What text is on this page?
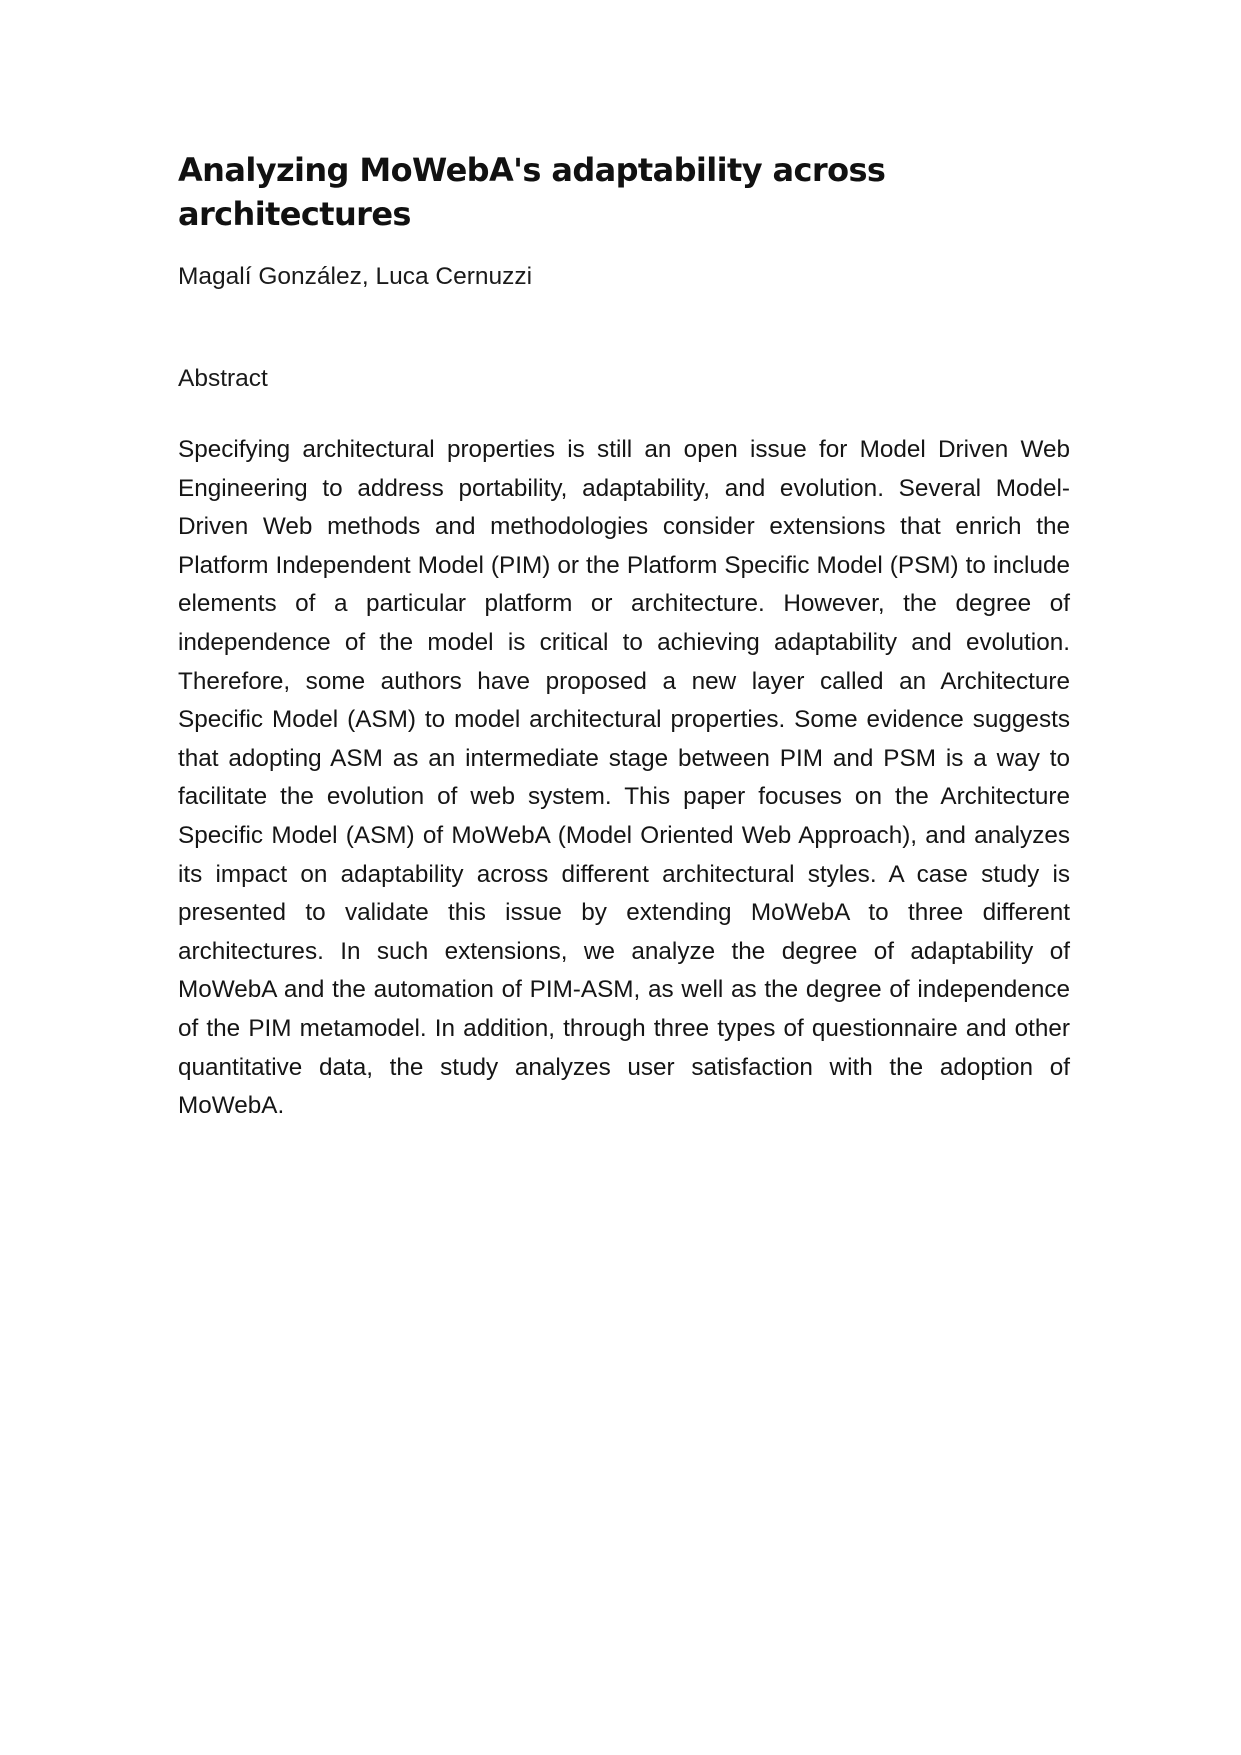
Analyzing MoWebA's adaptability across architectures

Magalí González, Luca Cernuzzi

Abstract

Specifying architectural properties is still an open issue for Model Driven Web Engineering to address portability, adaptability, and evolution. Several Model-Driven Web methods and methodologies consider extensions that enrich the Platform Independent Model (PIM) or the Platform Specific Model (PSM) to include elements of a particular platform or architecture. However, the degree of independence of the model is critical to achieving adaptability and evolution. Therefore, some authors have proposed a new layer called an Architecture Specific Model (ASM) to model architectural properties. Some evidence suggests that adopting ASM as an intermediate stage between PIM and PSM is a way to facilitate the evolution of web system. This paper focuses on the Architecture Specific Model (ASM) of MoWebA (Model Oriented Web Approach), and analyzes its impact on adaptability across different architectural styles. A case study is presented to validate this issue by extending MoWebA to three different architectures. In such extensions, we analyze the degree of adaptability of MoWebA and the automation of PIM-ASM, as well as the degree of independence of the PIM metamodel. In addition, through three types of questionnaire and other quantitative data, the study analyzes user satisfaction with the adoption of MoWebA.
